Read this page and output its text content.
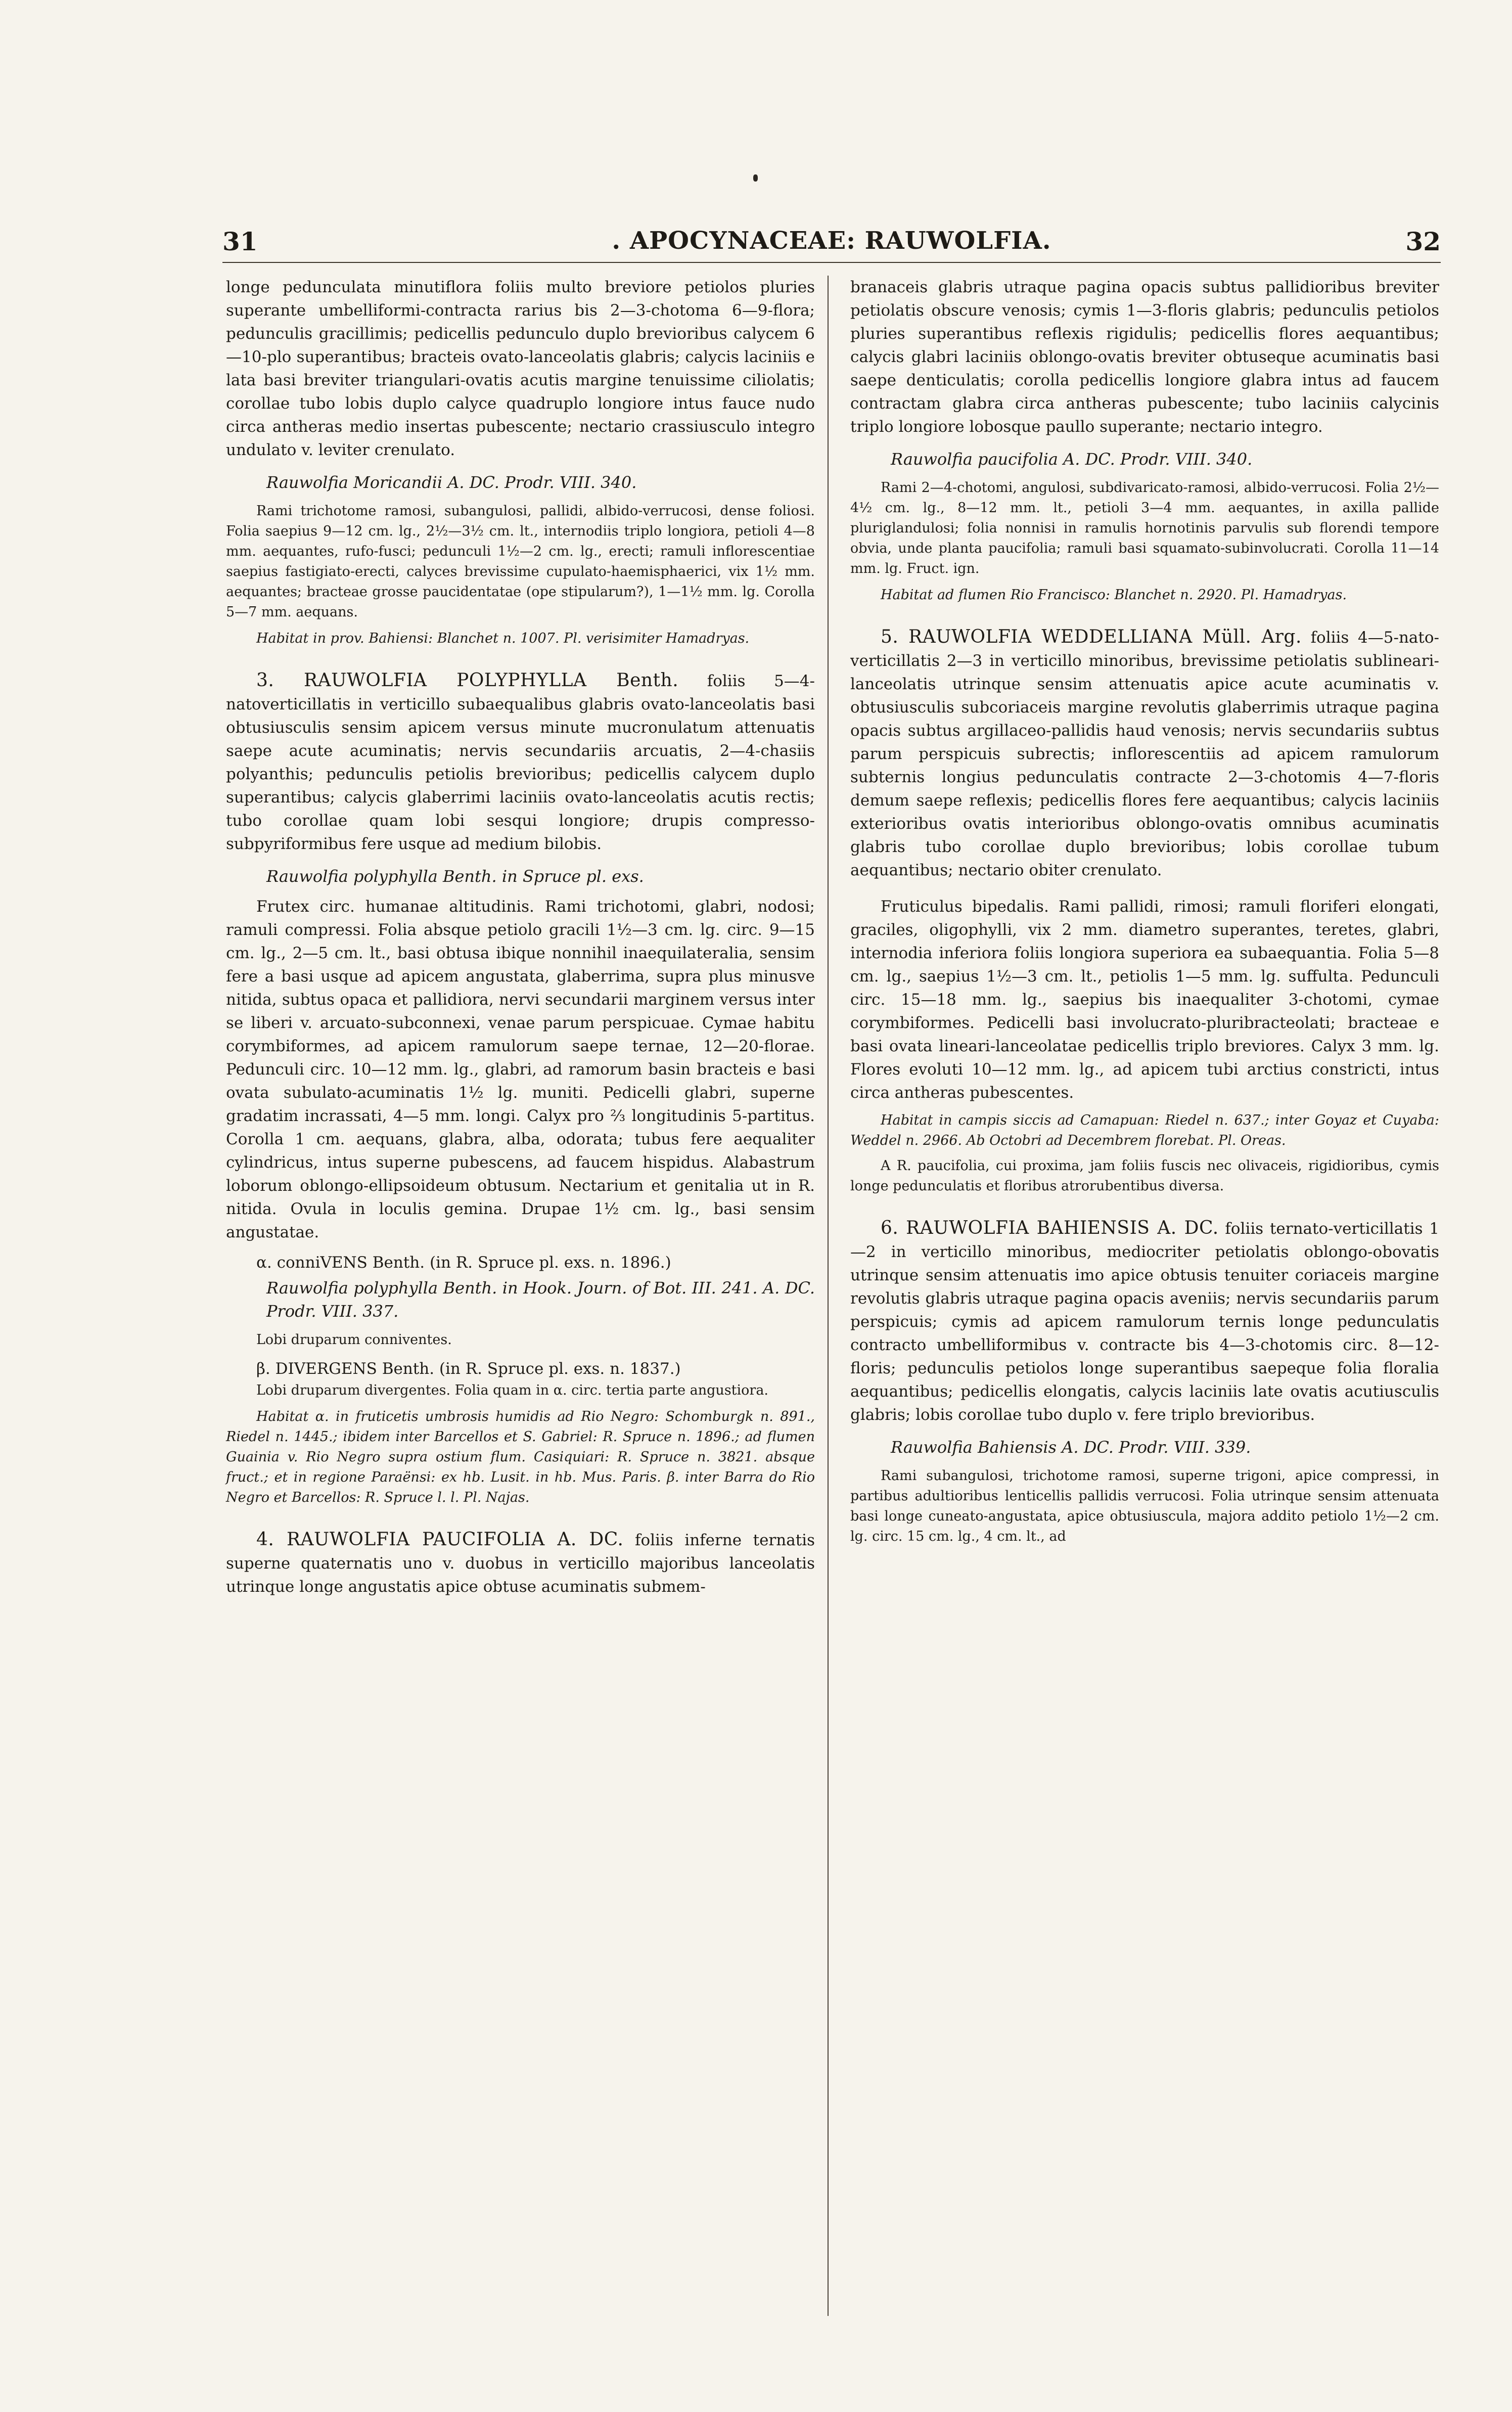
31	. APOCYNACEAE: RAUWOLFIA.	32

longe pedunculata minutiflora foliis multo breviore petiolos pluries superante umbelliformi-contracta rarius bis 2—3-chotoma 6—9-flora; pedunculis gracillimis; pedicellis pedunculo duplo brevioribus calycem 6—10-plo superantibus; bracteis ovato-lanceolatis glabris; calycis laciniis e lata basi breviter triangulari-ovatis acutis margine tenuissime ciliolatis; corollae tubo lobis duplo calyce quadruplo longiore intus fauce nudo circa antheras medio insertas pubescente; nectario crassiusculo integro undulato v. leviter crenulato.

Rauwolfia Moricandii A. DC. Prodr. VIII. 340.

Rami trichotome ramosi, subangulosi, pallidi, albido-verrucosi, dense foliosi. Folia saepius 9—12 cm. lg., 2½—3½ cm. lt., internodiis triplo longiora, petioli 4—8 mm. aequantes, rufo-fusci; pedunculi 1½—2 cm. lg., erecti; ramuli inflorescentiae saepius fastigiato-erecti, calyces brevissime cupulato-haemisphaerici, vix 1½ mm. aequantes; bracteae grosse paucidentatae (ope stipularum?), 1—1½ mm. lg. Corolla 5—7 mm. aequans.

Habitat in prov. Bahiensi: Blanchet n. 1007. Pl. verisimiter Hamadryas.

3. RAUWOLFIA POLYPHYLLA Benth. foliis 5—4-natoverticillatis in verticillo subaequalibus glabris ovato-lanceolatis basi obtusiusculis sensim apicem versus minute mucronulatum attenuatis saepe acute acuminatis; nervis secundariis arcuatis, 2—4-chasiis polyanthis; pedunculis petiolis brevioribus; pedicellis calycem duplo superantibus; calycis glaberrimi laciniis ovato-lanceolatis acutis rectis; tubo corollae quam lobi sesqui longiore; drupis compresso-subpyriformibus fere usque ad medium bilobis.

Rauwolfia polyphylla Benth. in Spruce pl. exs.

Frutex circ. humanae altitudinis. Rami trichotomi, glabri, nodosi; ramuli compressi. Folia absque petiolo gracili 1½—3 cm. lg. circ. 9—15 cm. lg., 2—5 cm. lt., basi obtusa ibique nonnihil inaequilateralia, sensim fere a basi usque ad apicem angustata, glaberrima, supra plus minusve nitida, subtus opaca et pallidiora, nervi secundarii marginem versus inter se liberi v. arcuato-subconnexi, venae parum perspicuae. Cymae habitu corymbiformes, ad apicem ramulorum saepe ternae, 12—20-florae. Pedunculi circ. 10—12 mm. lg., glabri, ad ramorum basin bracteis e basi ovata subulato-acuminatis 1½ lg. muniti. Pedicelli glabri, superne gradatim incrassati, 4—5 mm. longi. Calyx pro ⅔ longitudinis 5-partitus. Corolla 1 cm. aequans, glabra, alba, odorata; tubus fere aequaliter cylindricus, intus superne pubescens, ad faucem hispidus. Alabastrum loborum oblongo-ellipsoideum obtusum. Nectarium et genitalia ut in R. nitida. Ovula in loculis gemina. Drupae 1½ cm. lg., basi sensim angustatae.

α. conniVENS Benth. (in R. Spruce pl. exs. n. 1896.)

Rauwolfia polyphylla Benth. in Hook. Journ. of Bot. III. 241. A. DC. Prodr. VIII. 337.

Lobi druparum conniventes.

β. DIVERGENS Benth. (in R. Spruce pl. exs. n. 1837.)

Lobi druparum divergentes. Folia quam in α. circ. tertia parte angustiora.

Habitat α. in fruticetis umbrosis humidis ad Rio Negro: Schomburgk n. 891., Riedel n. 1445.; ibidem inter Barcellos et S. Gabriel: R. Spruce n. 1896.; ad flumen Guainia v. Rio Negro supra ostium flum. Casiquiari: R. Spruce n. 3821. absque fruct.; et in regione Paraënsi: ex hb. Lusit. in hb. Mus. Paris. β. inter Barra do Rio Negro et Barcellos: R. Spruce l. l. Pl. Najas.

4. RAUWOLFIA PAUCIFOLIA A. DC. foliis inferne ternatis superne quaternatis uno v. duobus in verticillo majoribus lanceolatis utrinque longe angustatis apice obtuse acuminatis submem-

branaceis glabris utraque pagina opacis subtus pallidioribus breviter petiolatis obscure venosis; cymis 1—3-floris glabris; pedunculis petiolos pluries superantibus reflexis rigidulis; pedicellis flores aequantibus; calycis glabri laciniis oblongo-ovatis breviter obtuseque acuminatis basi saepe denticulatis; corolla pedicellis longiore glabra intus ad faucem contractam glabra circa antheras pubescente; tubo laciniis calycinis triplo longiore lobosque paullo superante; nectario integro.

Rauwolfia paucifolia A. DC. Prodr. VIII. 340.

Rami 2—4-chotomi, angulosi, subdivaricato-ramosi, albido-verrucosi. Folia 2½—4½ cm. lg., 8—12 mm. lt., petioli 3—4 mm. aequantes, in axilla pallide pluriglandulosi; folia nonnisi in ramulis hornotinis parvulis sub florendi tempore obvia, unde planta paucifolia; ramuli basi squamato-subinvolucrati. Corolla 11—14 mm. lg. Fruct. ign.

Habitat ad flumen Rio Francisco: Blanchet n. 2920. Pl. Hamadryas.

5. RAUWOLFIA WEDDELLIANA Müll. Arg. foliis 4—5-nato-verticillatis 2—3 in verticillo minoribus, brevissime petiolatis sublineari-lanceolatis utrinque sensim attenuatis apice acute acuminatis v. obtusiusculis subcoriaceis margine revolutis glaberrimis utraque pagina opacis subtus argillaceo-pallidis haud venosis; nervis secundariis subtus parum perspicuis subrectis; inflorescentiis ad apicem ramulorum subternis longius pedunculatis contracte 2—3-chotomis 4—7-floris demum saepe reflexis; pedicellis flores fere aequantibus; calycis laciniis exterioribus ovatis interioribus oblongo-ovatis omnibus acuminatis glabris tubo corollae duplo brevioribus; lobis corollae tubum aequantibus; nectario obiter crenulato.

Fruticulus bipedalis. Rami pallidi, rimosi; ramuli floriferi elongati, graciles, oligophylli, vix 2 mm. diametro superantes, teretes, glabri, internodia inferiora foliis longiora superiora ea subaequantia. Folia 5—8 cm. lg., saepius 1½—3 cm. lt., petiolis 1—5 mm. lg. suffulta. Pedunculi circ. 15—18 mm. lg., saepius bis inaequaliter 3-chotomi, cymae corymbiformes. Pedicelli basi involucrato-pluribracteolati; bracteae e basi ovata lineari-lanceolatae pedicellis triplo breviores. Calyx 3 mm. lg. Flores evoluti 10—12 mm. lg., ad apicem tubi arctius constricti, intus circa antheras pubescentes.

Habitat in campis siccis ad Camapuan: Riedel n. 637.; inter Goyaz et Cuyaba: Weddel n. 2966. Ab Octobri ad Decembrem florebat. Pl. Oreas.

A R. paucifolia, cui proxima, jam foliis fuscis nec olivaceis, rigidioribus, cymis longe pedunculatis et floribus atrorubentibus diversa.

6. RAUWOLFIA BAHIENSIS A. DC. foliis ternato-verticillatis 1—2 in verticillo minoribus, mediocriter petiolatis oblongo-obovatis utrinque sensim attenuatis imo apice obtusis tenuiter coriaceis margine revolutis glabris utraque pagina opacis aveniis; nervis secundariis parum perspicuis; cymis ad apicem ramulorum ternis longe pedunculatis contracto umbelliformibus v. contracte bis 4—3-chotomis circ. 8—12-floris; pedunculis petiolos longe superantibus saepeque folia floralia aequantibus; pedicellis elongatis, calycis laciniis late ovatis acutiusculis glabris; lobis corollae tubo duplo v. fere triplo brevioribus.

Rauwolfia Bahiensis A. DC. Prodr. VIII. 339.

Rami subangulosi, trichotome ramosi, superne trigoni, apice compressi, in partibus adultioribus lenticellis pallidis verrucosi. Folia utrinque sensim attenuata basi longe cuneato-angustata, apice obtusiuscula, majora addito petiolo 1½—2 cm. lg. circ. 15 cm. lg., 4 cm. lt., ad
